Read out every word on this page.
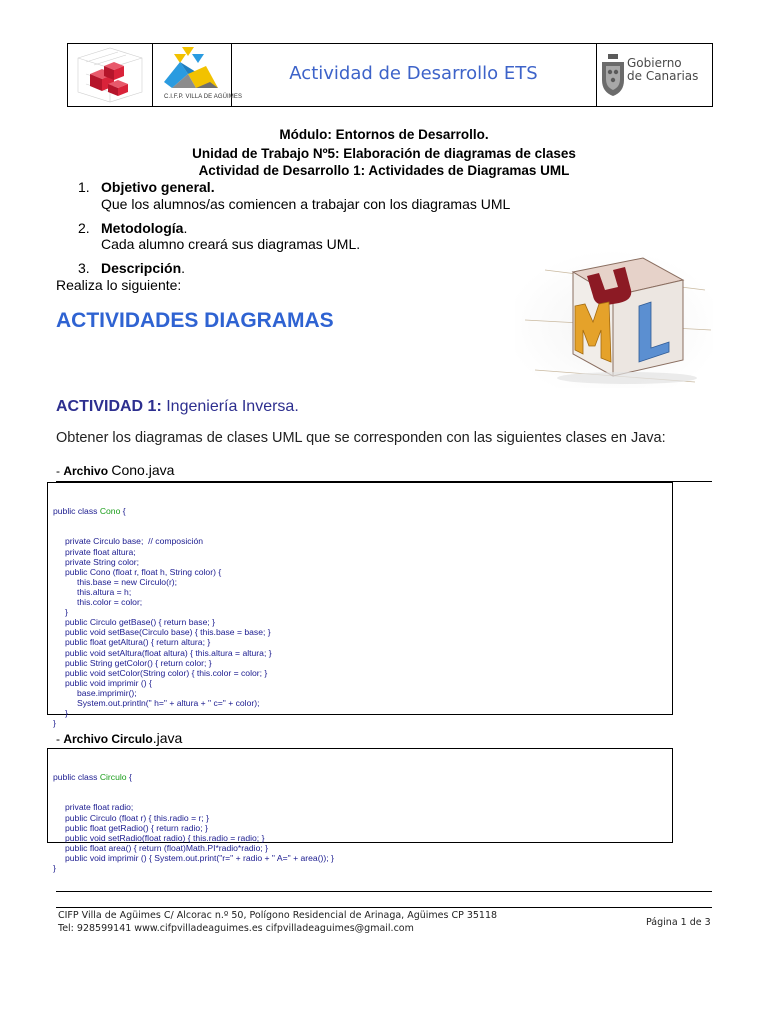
C.I.F.P. VILLA DE AGÜIMES
Actividad de Desarrollo ETS	Gobierno
de Canarias
Módulo: Entornos de Desarrollo.
Unidad de Trabajo Nº5: Elaboración de diagramas de clases
Actividad de Desarrollo 1: Actividades de Diagramas UML
1. Objetivo general.
Que los alumnos/as comiencen a trabajar con los diagramas UML
2. Metodología.
Cada alumno creará sus diagramas UML.
3. Descripción.
Realiza lo siguiente:
ACTIVIDADES DIAGRAMAS
ACTIVIDAD 1: Ingeniería Inversa.
Obtener los diagramas de clases UML que se corresponden con las siguientes clases en Java:
- Archivo Cono.java

public class Cono {

private Circulo base;  // composición
private float altura;
private String color;
public Cono (float r, float h, String color) {
this.base = new Circulo(r);
this.altura = h;
this.color = color;
}
public Circulo getBase() { return base; }
public void setBase(Circulo base) { this.base = base; }
public float getAltura() { return altura; }
public void setAltura(float altura) { this.altura = altura; }
public String getColor() { return color; }
public void setColor(String color) { this.color = color; }
public void imprimir () {
base.imprimir();
System.out.println(" h=" + altura + " c=" + color);
}
}
- Archivo Circulo.java

public class Circulo {

private float radio;
public Circulo (float r) { this.radio = r; }
public float getRadio() { return radio; }
public void setRadio(float radio) { this.radio = radio; }
public float area() { return (float)Math.PI*radio*radio; }
public void imprimir () { System.out.print("r=" + radio + " A=" + area()); }
}
CIFP Villa de Agüimes C/ Alcorac n.º 50, Polígono Residencial de Arinaga, Agüimes CP 35118
Tel: 928599141 www.cifpvilladeaguimes.es cifpvilladeaguimes@gmail.com
Página 1 de 3
